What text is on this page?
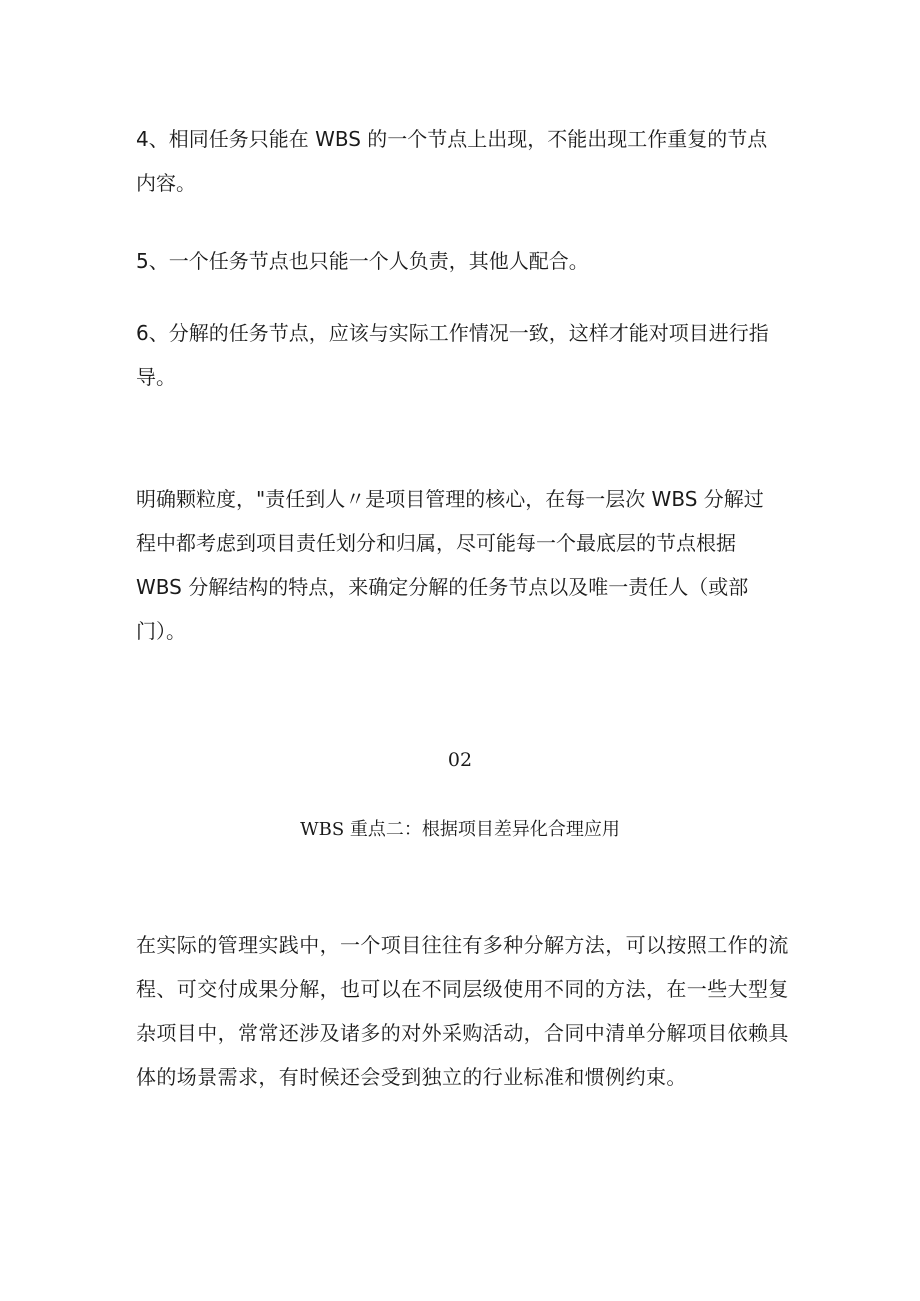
4、相同任务只能在 WBS 的一个节点上出现，不能出现工作重复的节点
内容。

5、一个任务节点也只能一个人负责，其他人配合。

6、分解的任务节点，应该与实际工作情况一致，这样才能对项目进行指
导。

明确颗粒度，"责任到人〃是项目管理的核心，在每一层次 WBS 分解过
程中都考虑到项目责任划分和归属，尽可能每一个最底层的节点根据
WBS 分解结构的特点，来确定分解的任务节点以及唯一责任人（或部
门）。

02

WBS 重点二：根据项目差异化合理应用

在实际的管理实践中，一个项目往往有多种分解方法，可以按照工作的流
程、可交付成果分解，也可以在不同层级使用不同的方法，在一些大型复
杂项目中，常常还涉及诸多的对外采购活动，合同中清单分解项目依赖具
体的场景需求，有时候还会受到独立的行业标准和惯例约束。
